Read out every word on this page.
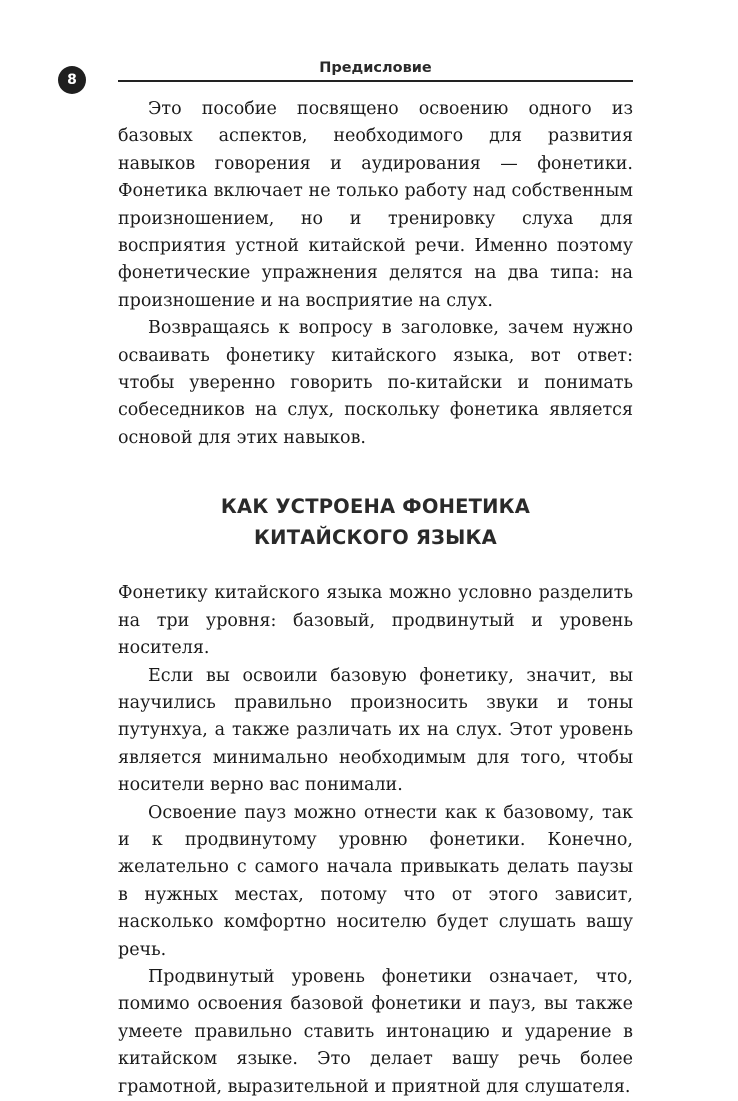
8
Предисловие

Это пособие посвящено освоению одного из базовых аспектов, необходимого для развития навыков говорения и аудирования — фонетики. Фонетика включает не только работу над собственным произношением, но и тренировку слуха для восприятия устной китайской речи. Именно поэтому фонетические упражнения делятся на два типа: на произношение и на восприятие на слух.

Возвращаясь к вопросу в заголовке, зачем нужно осваивать фонетику китайского языка, вот ответ: чтобы уверенно говорить по-китайски и понимать собеседников на слух, поскольку фонетика является основой для этих навыков.

КАК УСТРОЕНА ФОНЕТИКА
КИТАЙСКОГО ЯЗЫКА

Фонетику китайского языка можно условно разделить на три уровня: базовый, продвинутый и уровень носителя.

Если вы освоили базовую фонетику, значит, вы научились правильно произносить звуки и тоны путунхуа, а также различать их на слух. Этот уровень является минимально необходимым для того, чтобы носители верно вас понимали.

Освоение пауз можно отнести как к базовому, так и к продвинутому уровню фонетики. Конечно, желательно с самого начала привыкать делать паузы в нужных местах, потому что от этого зависит, насколько комфортно носителю будет слушать вашу речь.

Продвинутый уровень фонетики означает, что, помимо освоения базовой фонетики и пауз, вы также умеете правильно ставить интонацию и ударение в китайском языке. Это делает вашу речь более грамотной, выразительной и приятной для слушателя.
